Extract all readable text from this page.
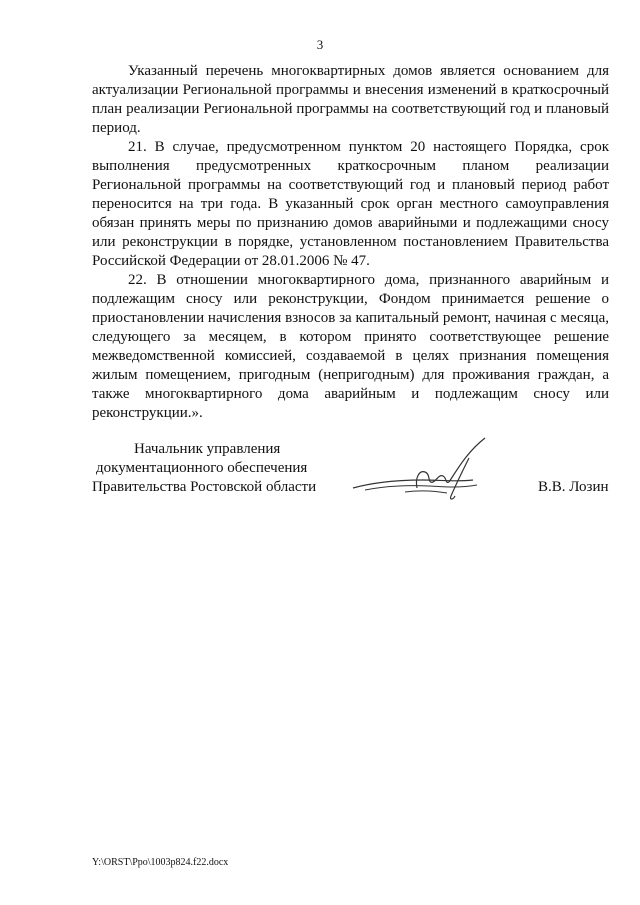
3

Указанный перечень многоквартирных домов является основанием для актуализации Региональной программы и внесения изменений в краткосрочный план реализации Региональной программы на соответствующий год и плановый период.

21. В случае, предусмотренном пунктом 20 настоящего Порядка, срок выполнения предусмотренных краткосрочным планом реализации Региональной программы на соответствующий год и плановый период работ переносится на три года. В указанный срок орган местного самоуправления обязан принять меры по признанию домов аварийными и подлежащими сносу или реконструкции в порядке, установленном постановлением Правительства Российской Федерации от 28.01.2006 № 47.

22. В отношении многоквартирного дома, признанного аварийным и подлежащим сносу или реконструкции, Фондом принимается решение о приостановлении начисления взносов за капитальный ремонт, начиная с месяца, следующего за месяцем, в котором принято соответствующее решение межведомственной комиссией, создаваемой в целях признания помещения жилым помещением, пригодным (непригодным) для проживания граждан, а также многоквартирного дома аварийным и подлежащим сносу или реконструкции.».

Начальник управления
документационного обеспечения
Правительства Ростовской области	В.В. Лозин
Y:\ORST\Ppo\1003p824.f22.docx
